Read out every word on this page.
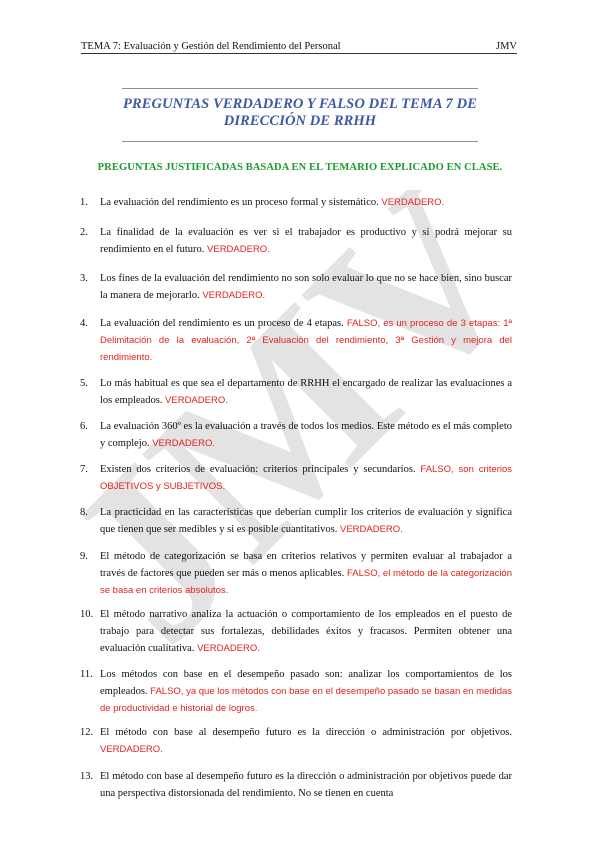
TEMA 7: Evaluación y Gestión del Rendimiento del Personal	JMV
JMV
PREGUNTAS VERDADERO Y FALSO DEL TEMA 7 DE
DIRECCIÓN DE RRHH
PREGUNTAS JUSTIFICADAS BASADA EN EL TEMARIO EXPLICADO EN CLASE.
1.	La evaluación del rendimiento es un proceso formal y sistemático. VERDADERO.
2.	La finalidad de la evaluación es ver si el trabajador es productivo y si podrá mejorar su rendimiento en el futuro. VERDADERO.
3.	Los fines de la evaluación del rendimiento no son solo evaluar lo que no se hace bien, sino buscar la manera de mejorarlo. VERDADERO.
4.	La evaluación del rendimiento es un proceso de 4 etapas. FALSO, es un proceso de 3 etapas: 1ª Delimitación de la evaluación, 2ª Evaluación del rendimiento, 3ª Gestión y mejora del rendimiento.
5.	Lo más habitual es que sea el departamento de RRHH el encargado de realizar las evaluaciones a los empleados. VERDADERO.
6.	La evaluación 360º es la evaluación a través de todos los medios. Este método es el más completo y complejo. VERDADERO.
7.	Existen dos criterios de evaluación: criterios principales y secundarios. FALSO, son criterios OBJETIVOS y SUBJETIVOS.
8.	La practicidad en las características que deberían cumplir los criterios de evaluación y significa que tienen que ser medibles y si es posible cuantitativos. VERDADERO.
9.	El método de categorización se basa en criterios relativos y permiten evaluar al trabajador a través de factores que pueden ser más o menos aplicables. FALSO, el método de la categorización se basa en criterios absolutos.
10. El método narrativo analiza la actuación o comportamiento de los empleados en el puesto de trabajo para detectar sus fortalezas, debilidades éxitos y fracasos. Permiten obtener una evaluación cualitativa. VERDADERO.
11. Los métodos con base en el desempeño pasado son: analizar los comportamientos de los empleados. FALSO, ya que los métodos con base en el desempeño pasado se basan en medidas de productividad e historial de logros.
12. El método con base al desempeño futuro es la dirección o administración por objetivos. VERDADERO.
13. El método con base al desempeño futuro es la dirección o administración por objetivos puede dar una perspectiva distorsionada del rendimiento. No se tienen en cuenta
